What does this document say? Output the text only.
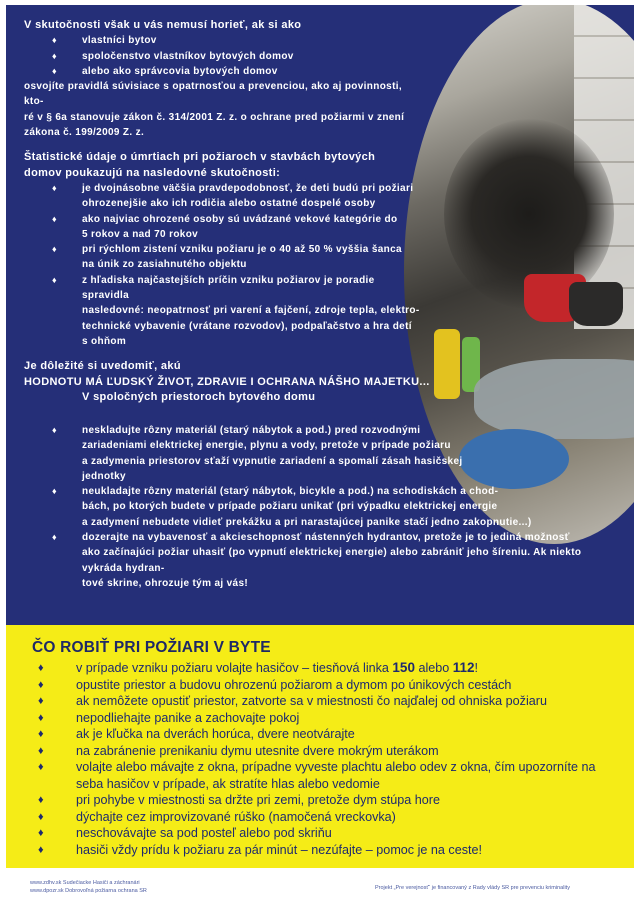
V skutočnosti však u vás nemusí horieť, ak si ako

♦ vlastníci bytov
♦ spoločenstvo vlastníkov bytových domov
♦ alebo ako správcovia bytových domov

osvojíte pravidlá súvisiace s opatrnosťou a prevenciou, ako aj povinnosti, kto-

ré v § 6a stanovuje zákon č. 314/2001 Z. z. o ochrane pred požiarmi v znení

zákona č. 199/2009 Z. z.

Štatistické údaje o úmrtiach pri požiaroch v stavbách bytových

domov poukazujú na nasledovné skutočnosti:

♦ je dvojnásobne väčšia pravdepodobnosť, že deti budú pri požiari
ohrozenejšie ako ich rodičia alebo ostatné dospelé osoby
♦ ako najviac ohrozené osoby sú uvádzané vekové kategórie do
5 rokov a nad 70 rokov
♦ pri rýchlom zistení vzniku požiaru je o 40 až 50 % vyššia šanca
na únik zo zasiahnutého objektu
♦ z hľadiska najčastejších príčin vzniku požiarov je poradie spravidla
nasledovné: neopatrnosť pri varení a fajčení, zdroje tepla, elektro-
technické vybavenie (vrátane rozvodov), podpaľačstvo a hra detí
s ohňom

Je dôležité si uvedomiť, akú

HODNOTU MÁ ĽUDSKÝ ŽIVOT, ZDRAVIE I OCHRANA NÁŠHO MAJETKU...

V spoločných priestoroch bytového domu

♦ neskladujte rôzny materiál (starý nábytok a pod.) pred rozvodnými
zariadeniami elektrickej energie, plynu a vody, pretože v prípade požiaru
a zadymenia priestorov sťaží vypnutie zariadení a spomalí zásah hasičskej
jednotky
♦ neukladajte rôzny materiál (starý nábytok, bicykle a pod.) na schodiskách a chod-
bách, po ktorých budete v prípade požiaru unikať (pri výpadku elektrickej energie
a zadymení nebudete vidieť prekážku a pri narastajúcej panike stačí jedno zakopnutie...)
♦ dozerajte na vybavenosť a akcieschopnosť nástenných hydrantov, pretože je to jediná možnosť
ako začínajúci požiar uhasiť (po vypnutí elektrickej energie) alebo zabrániť jeho šíreniu. Ak niekto vykráda hydran-
tové skrine, ohrozuje tým aj vás!
ČO ROBIŤ PRI POŽIARI V BYTE
♦ v prípade vzniku požiaru volajte hasičov – tiesňová linka 150 alebo 112!
♦ opustite priestor a budovu ohrozenú požiarom a dymom po únikových cestách
♦ ak nemôžete opustiť priestor, zatvorte sa v miestnosti čo najďalej od ohniska požiaru
♦ nepodliehajte panike a zachovajte pokoj
♦ ak je kľučka na dverách horúca, dvere neotvárajte
♦ na zabránenie prenikaniu dymu utesnite dvere mokrým uterákom
♦ volajte alebo mávajte z okna, prípadne vyveste plachtu alebo odev z okna, čím upozorníte na
seba hasičov v prípade, ak stratíte hlas alebo vedomie
♦ pri pohybe v miestnosti sa držte pri zemi, pretože dym stúpa hore
♦ dýchajte cez improvizované rúško (namočená vreckovka)
♦ neschovávajte sa pod posteľ alebo pod skriňu
♦ hasiči vždy prídu k požiaru za pár minút – nezúfajte – pomoc je na ceste!
www.zdhv.sk Sudečiacke Hasiči a záchranári
www.dpozr.sk Dobrovoľná požiarna ochrana SR	Projekt „Pre verejnosť“ je financovaný z Rady vlády SR pre prevenciu kriminality
